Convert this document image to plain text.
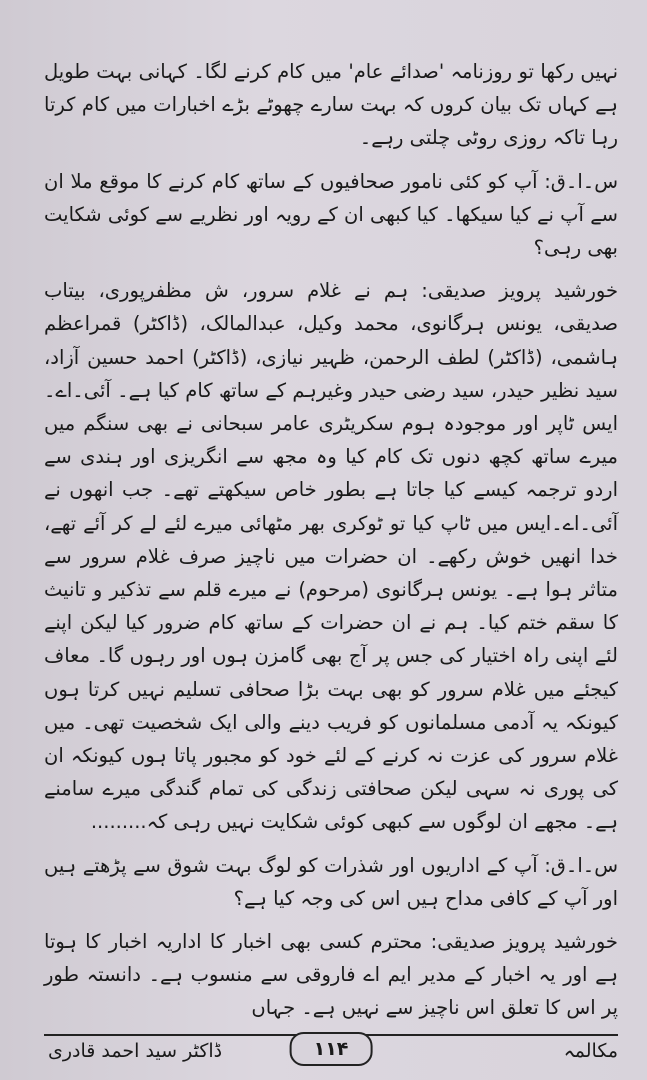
نہیں رکھا تو روزنامہ 'صدائے عام' میں کام کرنے لگا۔ کہانی بہت طویل ہے کہاں تک بیان کروں کہ بہت سارے چھوٹے بڑے اخبارات میں کام کرتا رہا تاکہ روزی روٹی چلتی رہے۔

س۔ا۔ق: آپ کو کئی نامور صحافیوں کے ساتھ کام کرنے کا موقع ملا ان سے آپ نے کیا سیکھا۔ کیا کبھی ان کے رویہ اور نظریے سے کوئی شکایت بھی رہی؟

خورشید پرویز صدیقی: ہم نے غلام سرور، ش مظفرپوری، بیتاب صدیقی، یونس ہرگانوی، محمد وکیل، عبدالمالک، (ڈاکٹر) قمراعظم ہاشمی، (ڈاکٹر) لطف الرحمن، ظہیر نیازی، (ڈاکٹر) احمد حسین آزاد، سید نظیر حیدر، سید رضی حیدر وغیرہم کے ساتھ کام کیا ہے۔ آئی۔اے۔ایس ٹاپر اور موجودہ ہوم سکریٹری عامر سبحانی نے بھی سنگم میں میرے ساتھ کچھ دنوں تک کام کیا وہ مجھ سے انگریزی اور ہندی سے اردو ترجمہ کیسے کیا جاتا ہے بطور خاص سیکھتے تھے۔ جب انھوں نے آئی۔اے۔ایس میں ٹاپ کیا تو ٹوکری بھر مٹھائی میرے لئے لے کر آئے تھے، خدا انھیں خوش رکھے۔ ان حضرات میں ناچیز صرف غلام سرور سے متاثر ہوا ہے۔ یونس ہرگانوی (مرحوم) نے میرے قلم سے تذکیر و تانیث کا سقم ختم کیا۔ ہم نے ان حضرات کے ساتھ کام ضرور کیا لیکن اپنے لئے اپنی راہ اختیار کی جس پر آج بھی گامزن ہوں اور رہوں گا۔ معاف کیجئے میں غلام سرور کو بھی بہت بڑا صحافی تسلیم نہیں کرتا ہوں کیونکہ یہ آدمی مسلمانوں کو فریب دینے والی ایک شخصیت تھی۔ میں غلام سرور کی عزت نہ کرنے کے لئے خود کو مجبور پاتا ہوں کیونکہ ان کی پوری نہ سہی لیکن صحافتی زندگی کی تمام گندگی میرے سامنے ہے۔ مجھے ان لوگوں سے کبھی کوئی شکایت نہیں رہی کہ.........

س۔ا۔ق: آپ کے اداریوں اور شذرات کو لوگ بہت شوق سے پڑھتے ہیں اور آپ کے کافی مداح ہیں اس کی وجہ کیا ہے؟

خورشید پرویز صدیقی: محترم کسی بھی اخبار کا اداریہ اخبار کا ہوتا ہے اور یہ اخبار کے مدیر ایم اے فاروقی سے منسوب ہے۔ دانستہ طور پر اس کا تعلق اس ناچیز سے نہیں ہے۔ جہاں

مکالمہ
۱۱۴
ڈاکٹر سید احمد قادری
